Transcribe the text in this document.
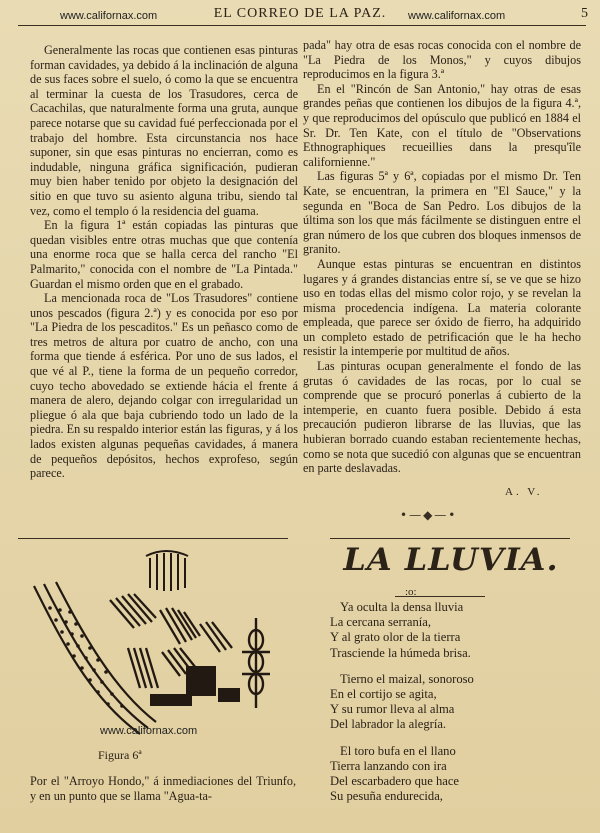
www.californax.com	EL CORREO DE LA PAZ.	www.californax.com	5

Generalmente las rocas que contienen esas pinturas forman cavidades, ya debido á la inclinación de alguna de sus faces sobre el suelo, ó como la que se encuentra al terminar la cuesta de los Trasudores, cerca de Cacachilas, que naturalmente forma una gruta, aunque parece notarse que su cavidad fué perfeccionada por el trabajo del hombre. Esta circunstancia nos hace suponer, sin que esas pinturas no encierran, como es indudable, ninguna gráfica significación, pudieran muy bien haber tenido por objeto la designación del sitio en que tuvo su asiento alguna tribu, siendo tal vez, como el templo ó la residencia del guama.

En la figura 1ª están copiadas las pinturas que quedan visibles entre otras muchas que que contenía una enorme roca que se halla cerca del rancho "El Palmarito," conocida con el nombre de "La Pintada." Guardan el mismo orden que en el grabado.

La mencionada roca de "Los Trasudores" contiene unos pescados (figura 2.ª) y es conocida por eso por "La Piedra de los pescaditos." Es un peñasco como de tres metros de altura por cuatro de ancho, con una forma que tiende á esférica. Por uno de sus lados, el que vé al P., tiene la forma de un pequeño corredor, cuyo techo abovedado se extiende hácia el frente á manera de alero, dejando colgar con irregularidad un pliegue ó ala que baja cubriendo todo un lado de la piedra. En su respaldo interior están las figuras, y á los lados existen algunas pequeñas cavidades, á manera de pequeños depósitos, hechos exprofeso, según parece.

pada" hay otra de esas rocas conocida con el nombre de "La Piedra de los Monos," y cuyos dibujos reproducimos en la figura 3.ª

En el "Rincón de San Antonio," hay otras de esas grandes peñas que contienen los dibujos de la figura 4.ª, y que reproducimos del opúsculo que publicó en 1884 el Sr. Dr. Ten Kate, con el título de "Observations Ethnographiques recueillies dans la presqu'île californienne."

Las figuras 5ª y 6ª, copiadas por el mismo Dr. Ten Kate, se encuentran, la primera en "El Sauce," y la segunda en "Boca de San Pedro. Los dibujos de la última son los que más fácilmente se distinguen entre el gran número de los que cubren dos bloques inmensos de granito.

Aunque estas pinturas se encuentran en distintos lugares y á grandes distancias entre sí, se ve que se hizo uso en todas ellas del mismo color rojo, y se revelan la misma procedencia indígena. La materia colorante empleada, que parece ser óxido de fierro, ha adquirido un completo estado de petrificación que le ha hecho resistir la intemperie por multitud de años.

Las pinturas ocupan generalmente el fondo de las grutas ó cavidades de las rocas, por lo cual se comprende que se procuró ponerlas á cubierto de la intemperie, en cuanto fuera posible. Debido á esta precaución pudieron librarse de las lluvias, que las hubieran borrado cuando estaban recientemente hechas, como se nota que sucedió con algunas que se encuentran en parte deslavadas.

A. V.
•—◆—•
www.californax.com
Figura 6ª
Por el "Arroyo Hondo," á inmediaciones del Triunfo, y en un punto que se llama "Agua-ta-
LA LLUVIA.
:o:
Ya oculta la densa lluvia
La cercana serranía,
Y al grato olor de la tierra
Trasciende la húmeda brisa.
Tierno el maizal, sonoroso
En el cortijo se agita,
Y su rumor lleva al alma
Del labrador la alegría.
El toro bufa en el llano
Tierra lanzando con ira
Del escarbadero que hace
Su pesuña endurecida,
